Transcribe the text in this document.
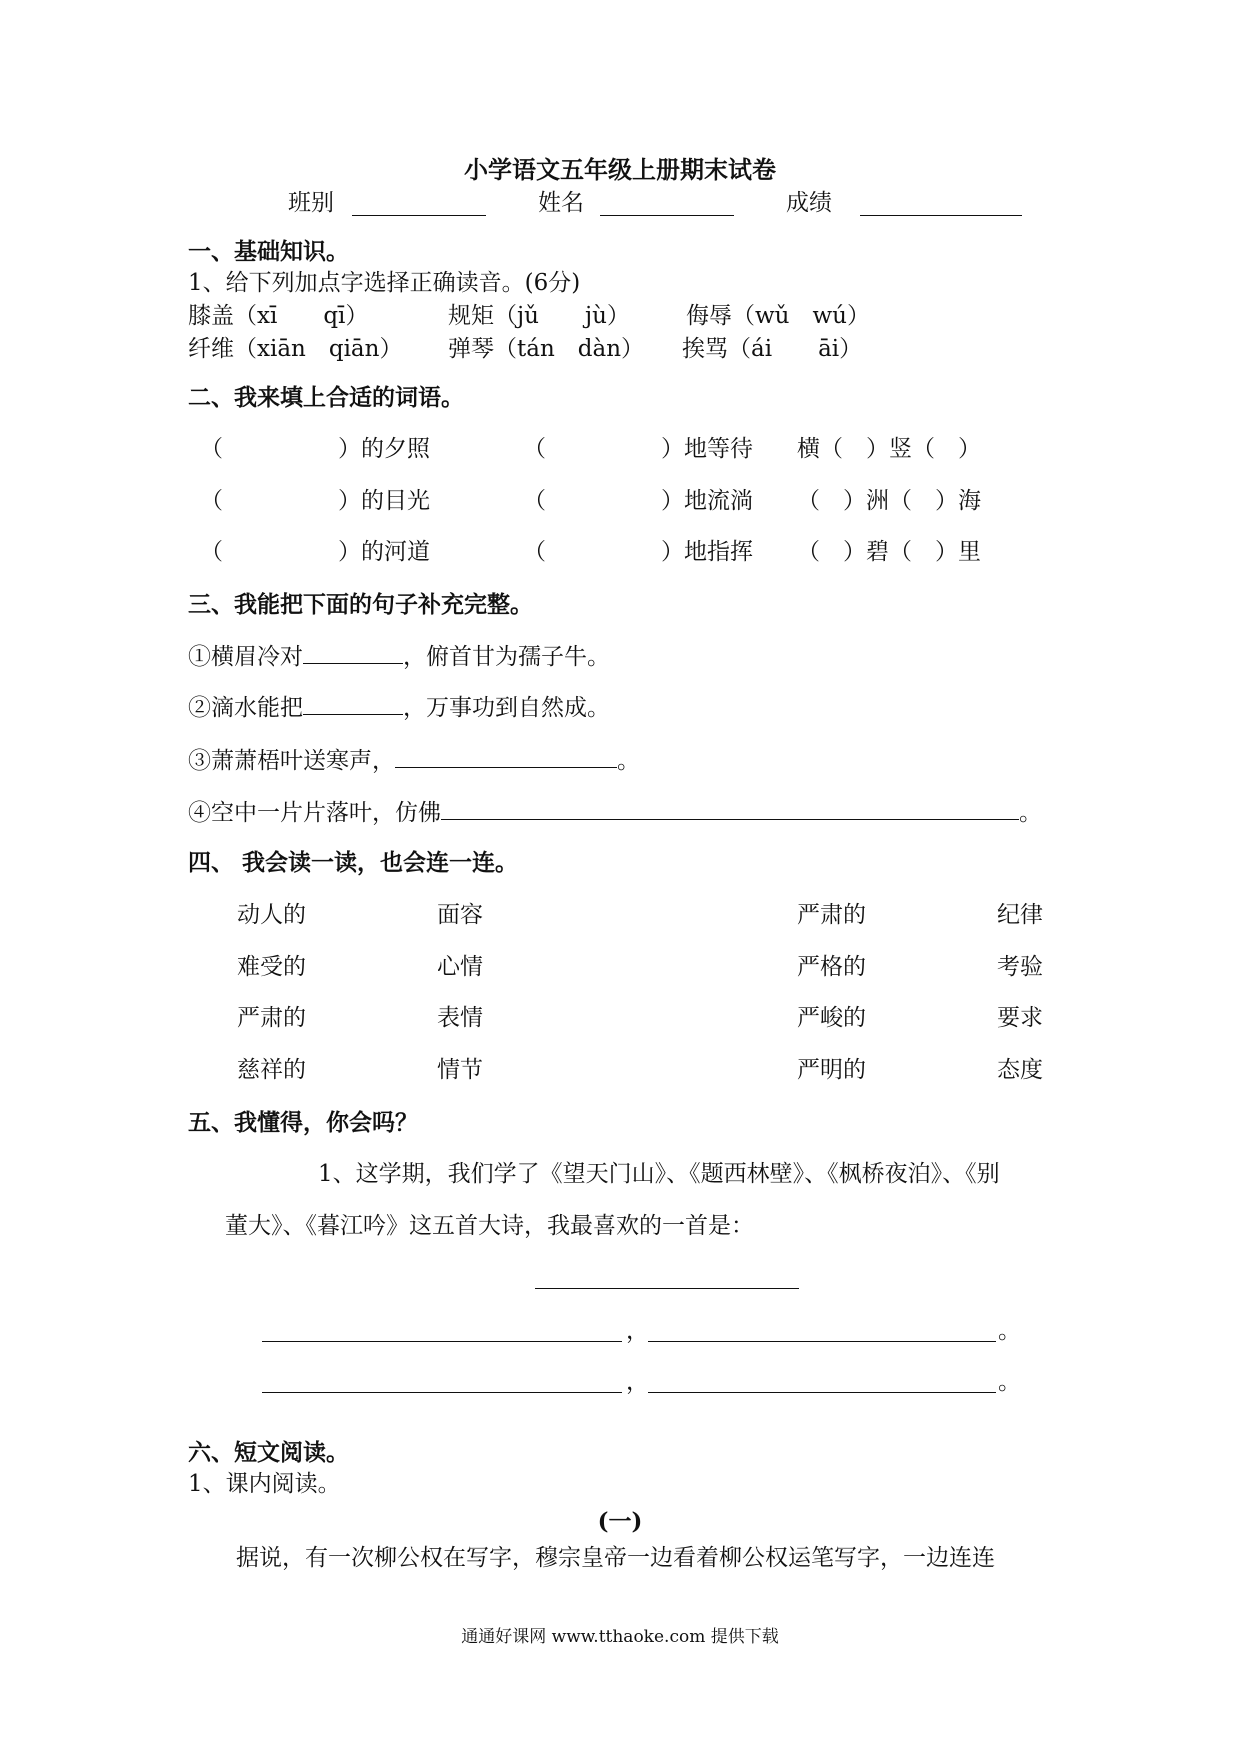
小学语文五年级上册期末试卷
班别	姓名	成绩
一、基础知识。
1、给下列加点字选择正确读音。(6分)
膝盖（xī　　qī）	规矩（jǔ　　jù） 侮辱（wǔ　wú）
纤维（xiān　qiān） 弹琴（tán　dàn） 挨骂（ái　　āi）
二、我来填上合适的词语。
（　　　　　）的夕照	（　　　　　）地等待 横（　）竖（　）
（　　　　　）的目光	（　　　　　）地流淌 （　）洲（　）海
（　　　　　）的河道	（　　　　　）地指挥 （　）碧（　）里
三、我能把下面的句子补充完整。
①横眉冷对	，俯首甘为孺子牛。
②滴水能把	，万事功到自然成。
③萧萧梧叶送寒声，	。
④空中一片片落叶，仿佛	。
四、 我会读一读，也会连一连。
动人的	面容	严肃的	纪律
难受的	心情	严格的	考验
严肃的	表情	严峻的	要求
慈祥的	情节	严明的	态度
五、我懂得，你会吗？
1、这学期，我们学了《望天门山》、《题西林壁》、《枫桥夜泊》、《别
董大》、《暮江吟》这五首大诗，我最喜欢的一首是：
，	。
，	。
六、短文阅读。
1、课内阅读。
(一)
据说，有一次柳公权在写字，穆宗皇帝一边看着柳公权运笔写字，一边连连
通通好课网 www.tthaoke.com 提供下载
